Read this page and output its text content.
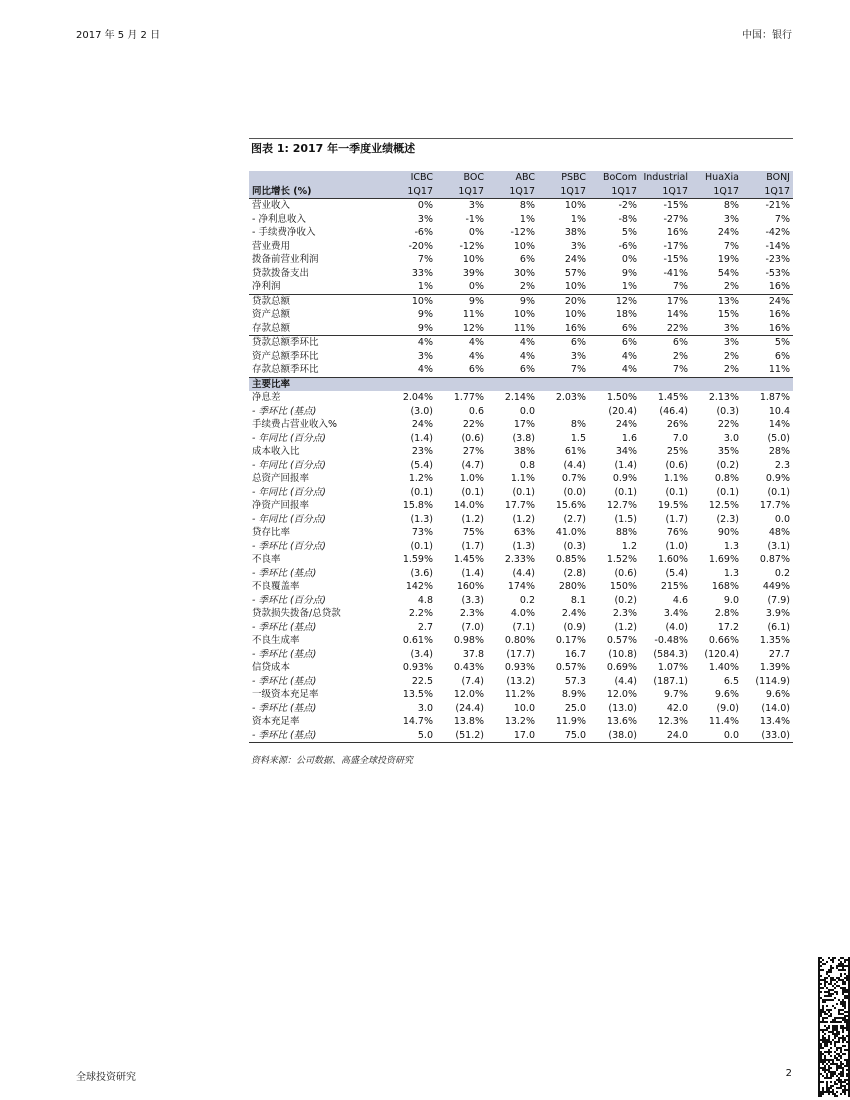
2017 年 5 月 2 日	中国：银行
图表 1: 2017 年一季度业绩概述
	ICBC	BOC	ABC	PSBC	BoCom	Industrial	HuaXia	BONJ
同比增长 (%)	1Q17	1Q17	1Q17	1Q17	1Q17	1Q17	1Q17	1Q17
营业收入	0%	3%	8%	10%	-2%	-15%	8%	-21%
- 净利息收入	3%	-1%	1%	1%	-8%	-27%	3%	7%
- 手续费净收入	-6%	0%	-12%	38%	5%	16%	24%	-42%
营业费用	-20%	-12%	10%	3%	-6%	-17%	7%	-14%
拨备前营业利润	7%	10%	6%	24%	0%	-15%	19%	-23%
贷款拨备支出	33%	39%	30%	57%	9%	-41%	54%	-53%
净利润	1%	0%	2%	10%	1%	7%	2%	16%
贷款总额	10%	9%	9%	20%	12%	17%	13%	24%
资产总额	9%	11%	10%	10%	18%	14%	15%	16%
存款总额	9%	12%	11%	16%	6%	22%	3%	16%
贷款总额季环比	4%	4%	4%	6%	6%	6%	3%	5%
资产总额季环比	3%	4%	4%	3%	4%	2%	2%	6%
存款总额季环比	4%	6%	6%	7%	4%	7%	2%	11%
主要比率								
净息差	2.04%	1.77%	2.14%	2.03%	1.50%	1.45%	2.13%	1.87%
- 季环比 (基点)	(3.0)	0.6	0.0		(20.4)	(46.4)	(0.3)	10.4
手续费占营业收入%	24%	22%	17%	8%	24%	26%	22%	14%
- 年同比 (百分点)	(1.4)	(0.6)	(3.8)	1.5	1.6	7.0	3.0	(5.0)
成本收入比	23%	27%	38%	61%	34%	25%	35%	28%
- 年同比 (百分点)	(5.4)	(4.7)	0.8	(4.4)	(1.4)	(0.6)	(0.2)	2.3
总资产回报率	1.2%	1.0%	1.1%	0.7%	0.9%	1.1%	0.8%	0.9%
- 年同比 (百分点)	(0.1)	(0.1)	(0.1)	(0.0)	(0.1)	(0.1)	(0.1)	(0.1)
净资产回报率	15.8%	14.0%	17.7%	15.6%	12.7%	19.5%	12.5%	17.7%
- 年同比 (百分点)	(1.3)	(1.2)	(1.2)	(2.7)	(1.5)	(1.7)	(2.3)	0.0
贷存比率	73%	75%	63%	41.0%	88%	76%	90%	48%
- 季环比 (百分点)	(0.1)	(1.7)	(1.3)	(0.3)	1.2	(1.0)	1.3	(3.1)
不良率	1.59%	1.45%	2.33%	0.85%	1.52%	1.60%	1.69%	0.87%
- 季环比 (基点)	(3.6)	(1.4)	(4.4)	(2.8)	(0.6)	(5.4)	1.3	0.2
不良覆盖率	142%	160%	174%	280%	150%	215%	168%	449%
- 季环比 (百分点)	4.8	(3.3)	0.2	8.1	(0.2)	4.6	9.0	(7.9)
贷款损失拨备/总贷款	2.2%	2.3%	4.0%	2.4%	2.3%	3.4%	2.8%	3.9%
- 季环比 (基点)	2.7	(7.0)	(7.1)	(0.9)	(1.2)	(4.0)	17.2	(6.1)
不良生成率	0.61%	0.98%	0.80%	0.17%	0.57%	-0.48%	0.66%	1.35%
- 季环比 (基点)	(3.4)	37.8	(17.7)	16.7	(10.8)	(584.3)	(120.4)	27.7
信贷成本	0.93%	0.43%	0.93%	0.57%	0.69%	1.07%	1.40%	1.39%
- 季环比 (基点)	22.5	(7.4)	(13.2)	57.3	(4.4)	(187.1)	6.5	(114.9)
一级资本充足率	13.5%	12.0%	11.2%	8.9%	12.0%	9.7%	9.6%	9.6%
- 季环比 (基点)	3.0	(24.4)	10.0	25.0	(13.0)	42.0	(9.0)	(14.0)
资本充足率	14.7%	13.8%	13.2%	11.9%	13.6%	12.3%	11.4%	13.4%
- 季环比 (基点)	5.0	(51.2)	17.0	75.0	(38.0)	24.0	0.0	(33.0)
资料来源：公司数据、高盛全球投资研究
全球投资研究	2
